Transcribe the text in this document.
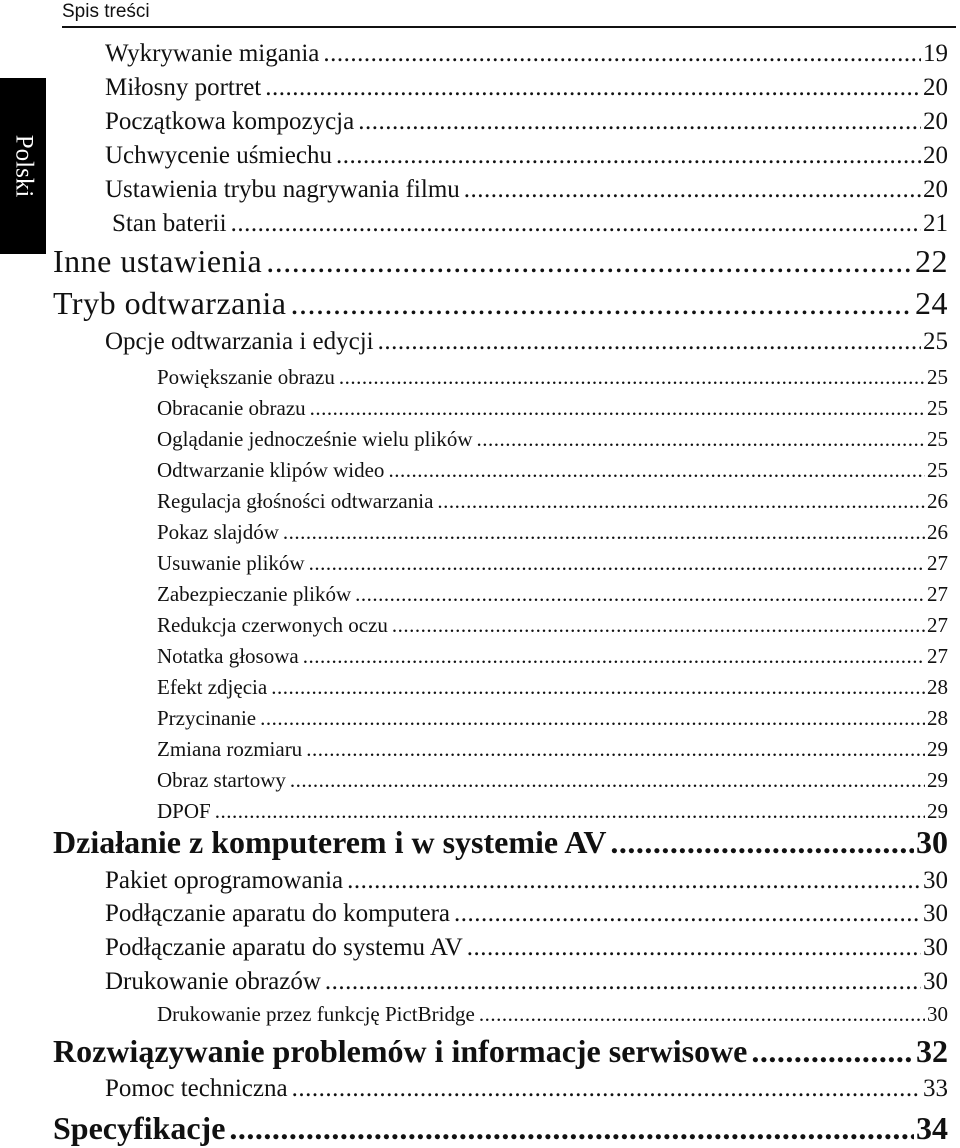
Spis treści
Polski
Wykrywanie migania .....	19
Miłosny portret .....	20
Początkowa kompozycja .....	20
Uchwycenie uśmiechu .....	20
Ustawienia trybu nagrywania filmu .....	20
Stan baterii .....	21
Inne ustawienia .....	22
Tryb odtwarzania .....	24
Opcje odtwarzania i edycji .....	25
Powiększanie obrazu .....	25
Obracanie obrazu .....	25
Oglądanie jednocześnie wielu plików .....	25
Odtwarzanie klipów wideo .....	25
Regulacja głośności odtwarzania .....	26
Pokaz slajdów .....	26
Usuwanie plików .....	27
Zabezpieczanie plików .....	27
Redukcja czerwonych oczu .....	27
Notatka głosowa .....	27
Efekt zdjęcia .....	28
Przycinanie .....	28
Zmiana rozmiaru .....	29
Obraz startowy .....	29
DPOF .....	29
Działanie z komputerem i w systemie AV .....	30
Pakiet oprogramowania .....	30
Podłączanie aparatu do komputera .....	30
Podłączanie aparatu do systemu AV .....	30
Drukowanie obrazów .....	30
Drukowanie przez funkcję PictBridge .....	30
Rozwiązywanie problemów i informacje serwisowe .....	32
Pomoc techniczna .....	33
Specyfikacje .....	34
